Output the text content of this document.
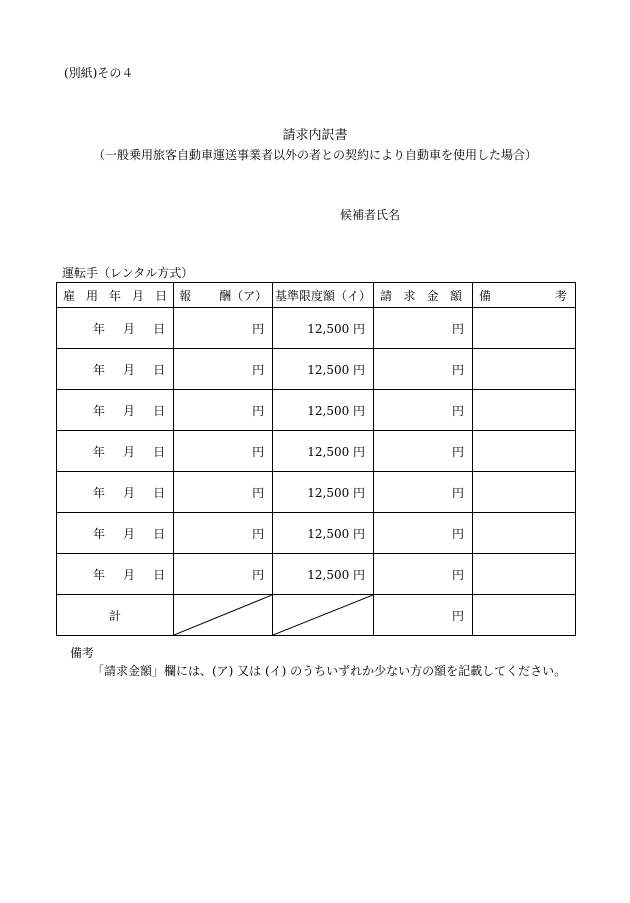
(別紙)その４
請求内訳書
（一般乗用旅客自動車運送事業者以外の者との契約により自動車を使用した場合）
候補者氏名
運転手（レンタル方式）
雇 用 年 月 日	報 酬（ア）	基準限度額（イ）	請 求 金 額	備 考

年 月 日	円	12,500 円	円	

年 月 日	円	12,500 円	円	

年 月 日	円	12,500 円	円	

年 月 日	円	12,500 円	円	

年 月 日	円	12,500 円	円	

年 月 日	円	12,500 円	円	

年 月 日	円	12,500 円	円	
計			円	
備考
「請求金額」欄には、(ア) 又は (イ) のうちいずれか少ない方の額を記載してください。
